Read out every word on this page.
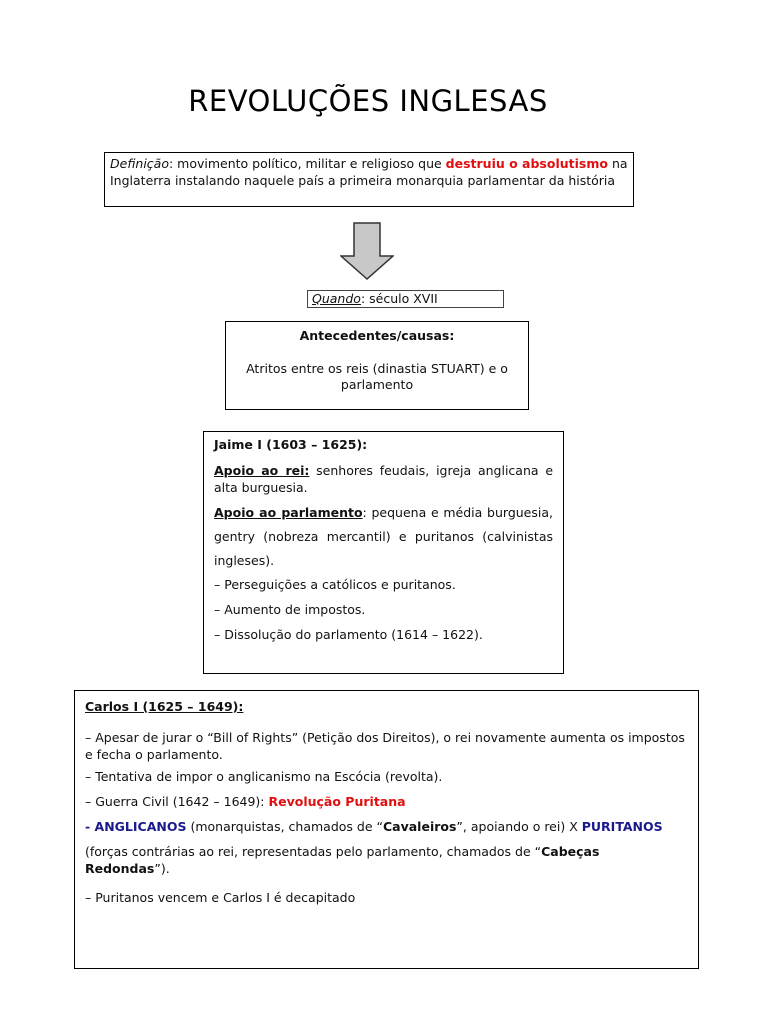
REVOLUÇÕES INGLESAS
Definição: movimento político, militar e religioso que destruiu o absolutismo na Inglaterra instalando naquele país a primeira monarquia parlamentar da história
Quando: século XVII
Antecedentes/causas:
Atritos entre os reis (dinastia STUART) e o parlamento

Jaime I (1603 – 1625):

Apoio ao rei: senhores feudais, igreja anglicana e alta burguesia.

Apoio ao parlamento: pequena e média burguesia, gentry (nobreza mercantil) e puritanos (calvinistas ingleses).

– Perseguições a católicos e puritanos.

– Aumento de impostos.

– Dissolução do parlamento (1614 – 1622).

Carlos I (1625 – 1649):

– Apesar de jurar o “Bill of Rights” (Petição dos Direitos), o rei novamente aumenta os impostos e fecha o parlamento.

– Tentativa de impor o anglicanismo na Escócia (revolta).

– Guerra Civil (1642 – 1649): Revolução Puritana

- ANGLICANOS (monarquistas, chamados de “Cavaleiros”, apoiando o rei) X PURITANOS

(forças contrárias ao rei, representadas pelo parlamento, chamados de “Cabeças Redondas”).

– Puritanos vencem e Carlos I é decapitado
